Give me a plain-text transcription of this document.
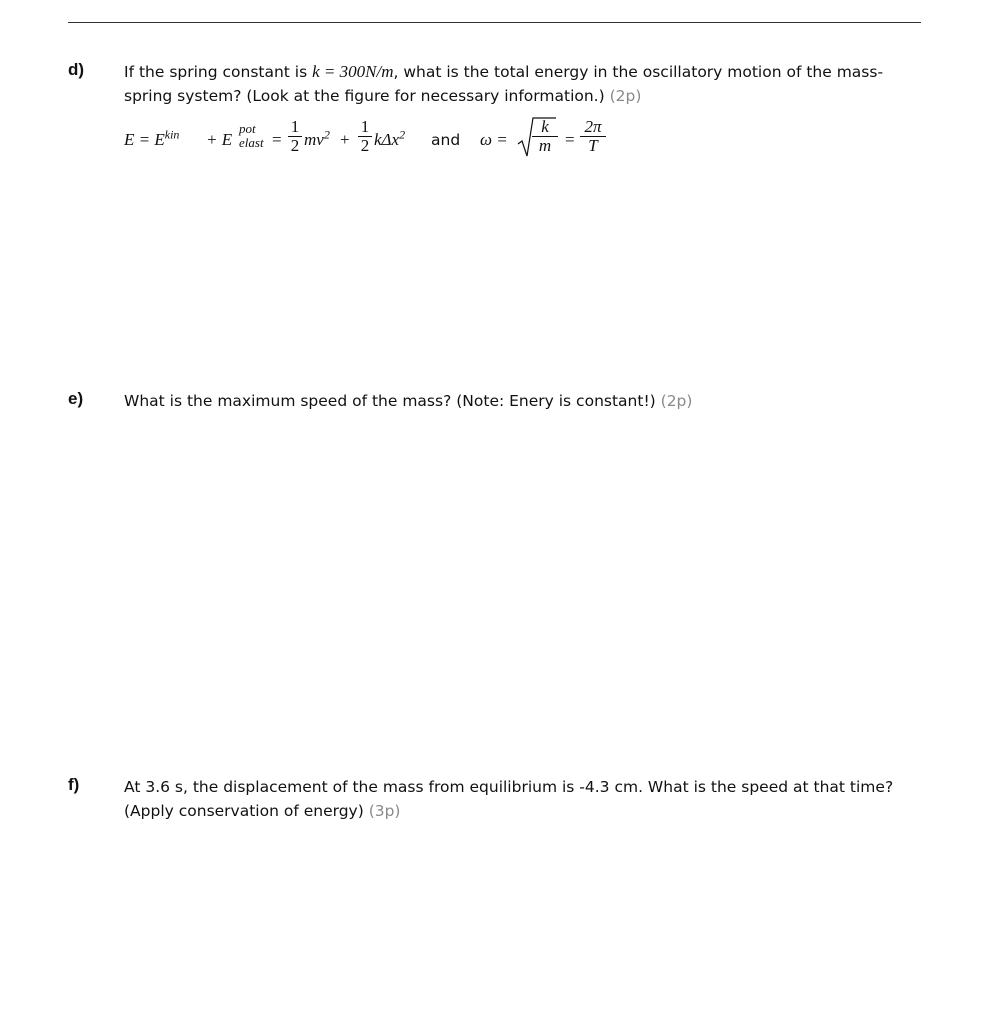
d)	If the spring constant is k = 300N/m, what is the total energy in the oscillatory motion of the mass-spring system? (Look at the figure for necessary information.) (2p)
$E = E^{kin} + E$
pot
elast =
1
2 $mv^2$ +
1
2 kΔx$^2$ and ω =
k
m =
2π
T
e)	What is the maximum speed of the mass? (Note: Enery is constant!) (2p)
f)	At 3.6 s, the displacement of the mass from equilibrium is -4.3 cm. What is the speed at that time? (Apply conservation of energy) (3p)
